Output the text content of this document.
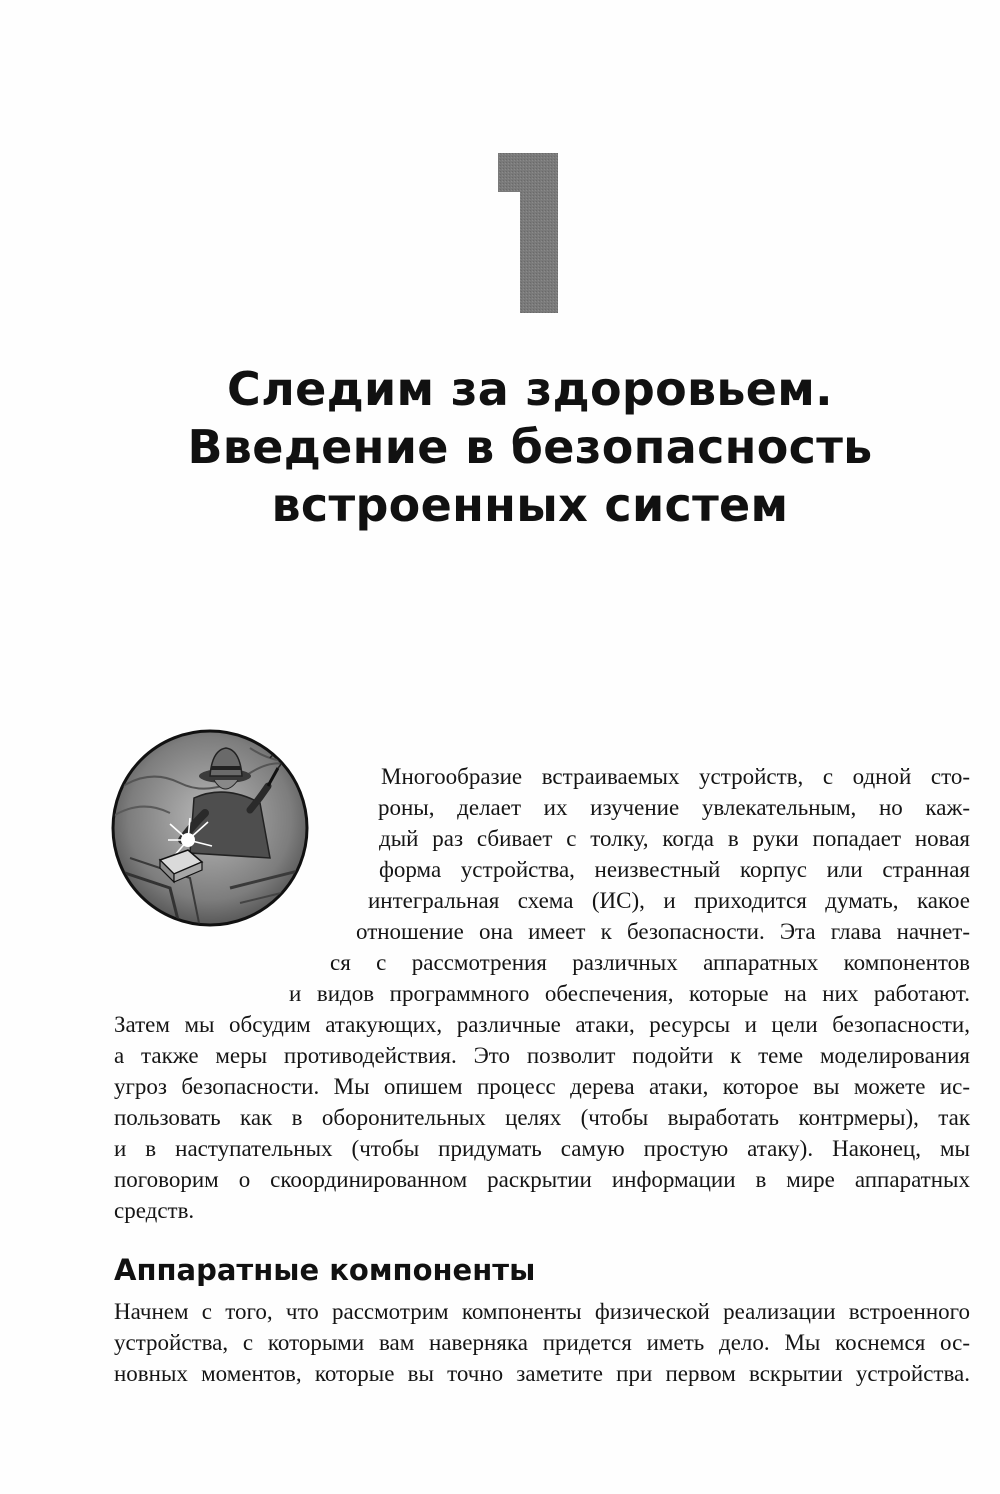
Следим за здоровьем.
Введение в безопасность
встроенных систем
Многообразие встраиваемых устройств, с одной сто-
роны, делает их изучение увлекательным, но каж-
дый раз сбивает с толку, когда в руки попадает новая
форма устройства, неизвестный корпус или странная
интегральная схема (ИС), и приходится думать, какое
отношение она имеет к безопасности. Эта глава начнет-
ся с рассмотрения различных аппаратных компонентов
и видов программного обеспечения, которые на них работают.
Затем мы обсудим атакующих, различные атаки, ресурсы и цели безопасности,
а также меры противодействия. Это позволит подойти к теме моделирования
угроз безопасности. Мы опишем процесс дерева атаки, которое вы можете ис-
пользовать как в оборонительных целях (чтобы выработать контрмеры), так
и в наступательных (чтобы придумать самую простую атаку). Наконец, мы
поговорим о скоординированном раскрытии информации в мире аппаратных
средств.
Аппаратные компоненты
Начнем с того, что рассмотрим компоненты физической реализации встроенного
устройства, с которыми вам наверняка придется иметь дело. Мы коснемся ос-
новных моментов, которые вы точно заметите при первом вскрытии устройства.
